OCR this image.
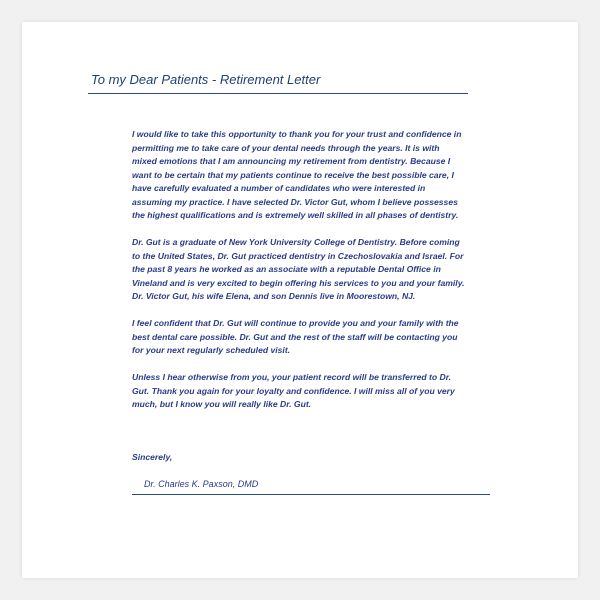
To my Dear Patients - Retirement Letter

I would like to take this opportunity to thank you for your trust and confidence in
permitting me to take care of your dental needs through the years. It is with
mixed emotions that I am announcing my retirement from dentistry. Because I
want to be certain that my patients continue to receive the best possible care, I
have carefully evaluated a number of candidates who were interested in
assuming my practice. I have selected Dr. Victor Gut, whom I believe possesses
the highest qualifications and is extremely well skilled in all phases of dentistry.

Dr. Gut is a graduate of New York University College of Dentistry. Before coming
to the United States, Dr. Gut practiced dentistry in Czechoslovakia and Israel. For
the past 8 years he worked as an associate with a reputable Dental Office in
Vineland and is very excited to begin offering his services to you and your family.
Dr. Victor Gut, his wife Elena, and son Dennis live in Moorestown, NJ.

I feel confident that Dr. Gut will continue to provide you and your family with the
best dental care possible. Dr. Gut and the rest of the staff will be contacting you
for your next regularly scheduled visit.

Unless I hear otherwise from you, your patient record will be transferred to Dr.
Gut. Thank you again for your loyalty and confidence. I will miss all of you very
much, but I know you will really like Dr. Gut.

Sincerely,
Dr. Charles K. Paxson, DMD
